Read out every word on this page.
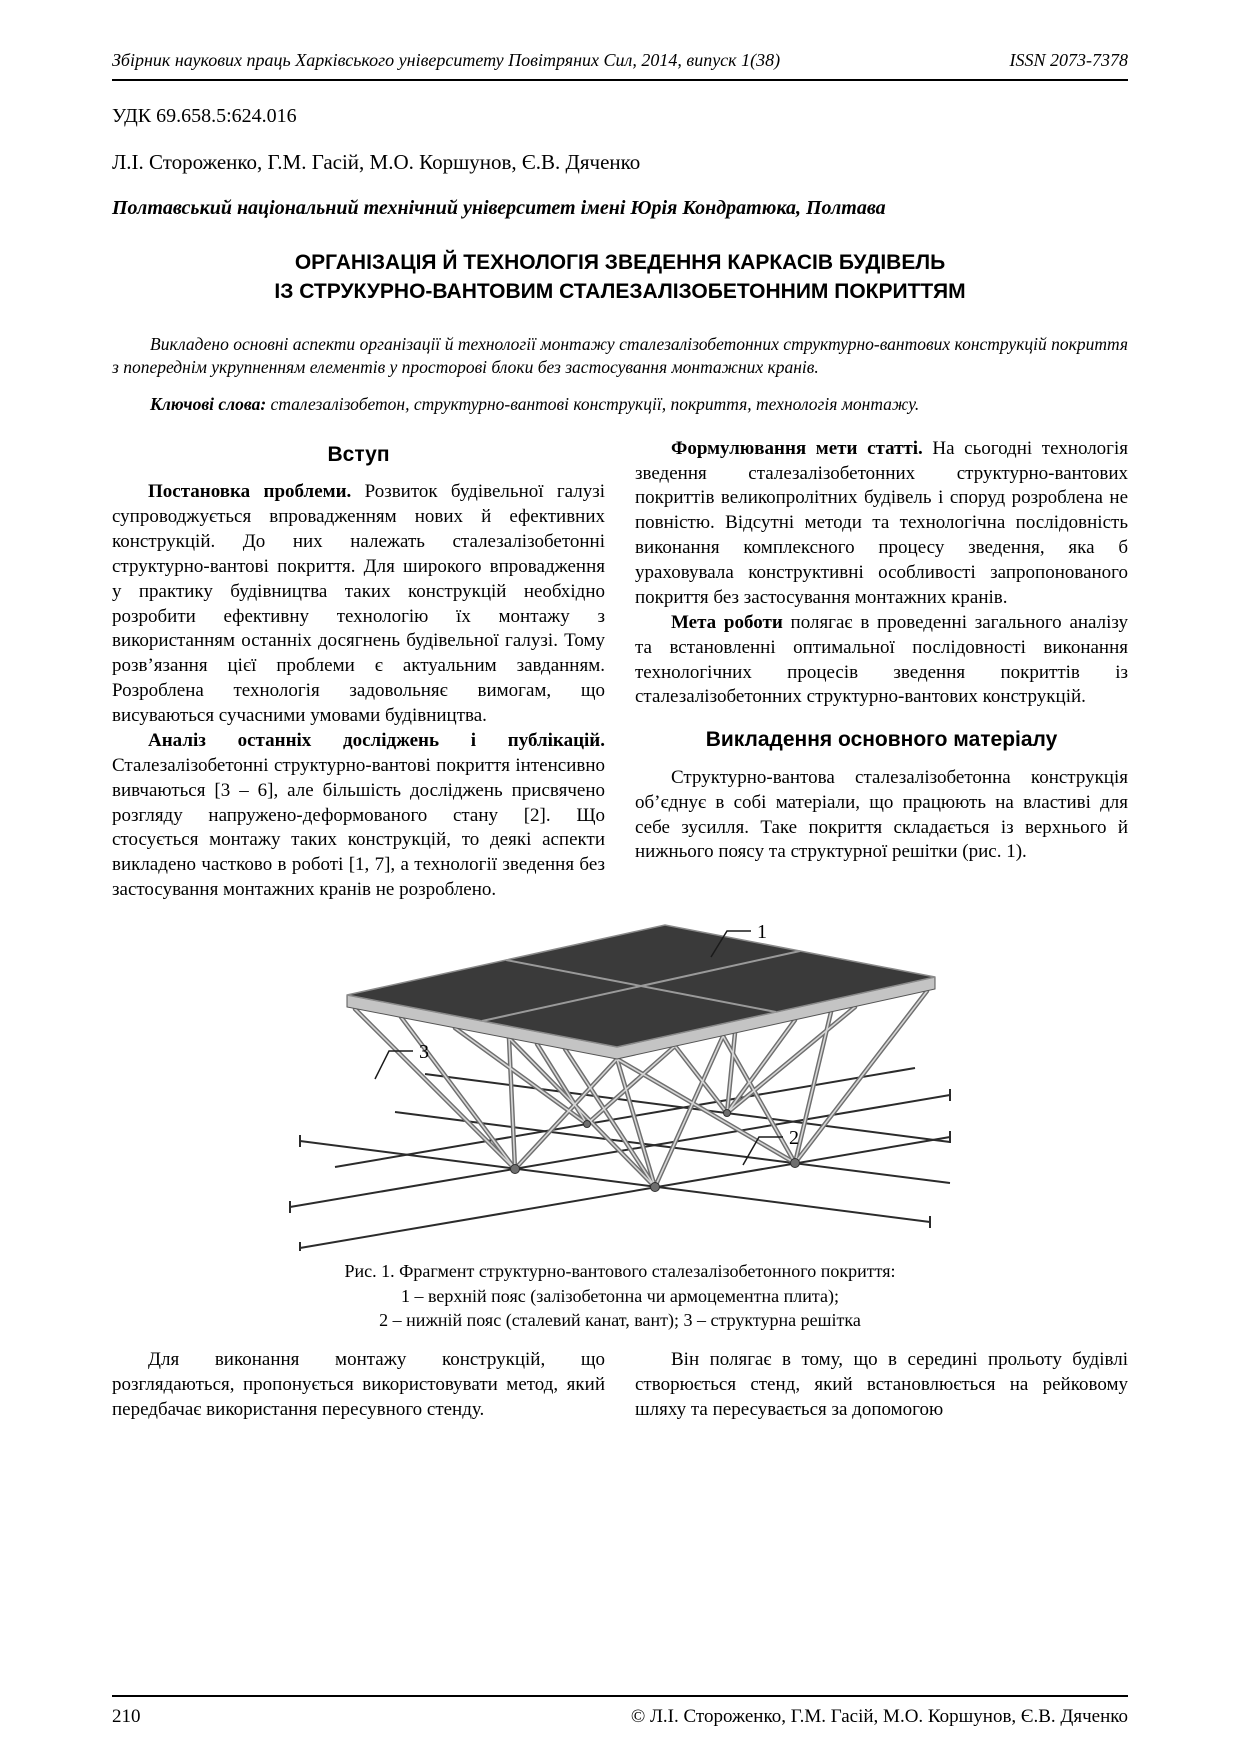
Збірник наукових праць Харківського університету Повітряних Сил, 2014, випуск 1(38)	ISSN 2073-7378
УДК 69.658.5:624.016
Л.І. Стороженко, Г.М. Гасій, М.О. Коршунов, Є.В. Дяченко
Полтавський національний технічний університет імені Юрія Кондратюка, Полтава
ОРГАНІЗАЦІЯ Й ТЕХНОЛОГІЯ ЗВЕДЕННЯ КАРКАСІВ БУДІВЕЛЬ
ІЗ СТРУКУРНО-ВАНТОВИМ СТАЛЕЗАЛІЗОБЕТОННИМ ПОКРИТТЯМ
Викладено основні аспекти організації й технології монтажу сталезалізобетонних структурно-вантових конструкцій покриття з попереднім укрупненням елементів у просторові блоки без застосування монтажних кранів.
Ключові слова: сталезалізобетон, структурно-вантові конструкції, покриття, технологія монтажу.
Вступ

Постановка проблеми. Розвиток будівельної галузі супроводжується впровадженням нових й ефективних конструкцій. До них належать сталезалізобетонні структурно-вантові покриття. Для широкого впровадження у практику будівництва таких конструкцій необхідно розробити ефективну технологію їх монтажу з використанням останніх досягнень будівельної галузі. Тому розв’язання цієї проблеми є актуальним завданням. Розроблена технологія задовольняє вимогам, що висуваються сучасними умовами будівництва.

Аналіз останніх досліджень і публікацій. Сталезалізобетонні структурно-вантові покриття інтенсивно вивчаються [3 – 6], але більшість досліджень присвячено розгляду напружено-деформованого стану [2]. Що стосується монтажу таких конструкцій, то деякі аспекти викладено частково в роботі [1, 7], а технології зведення без застосування монтажних кранів не розроблено.

Формулювання мети статті. На сьогодні технологія зведення сталезалізобетонних структурно-вантових покриттів великопролітних будівель і споруд розроблена не повністю. Відсутні методи та технологічна послідовність виконання комплексного процесу зведення, яка б ураховувала конструктивні особливості запропонованого покриття без застосування монтажних кранів.

Мета роботи полягає в проведенні загального аналізу та встановленні оптимальної послідовності виконання технологічних процесів зведення покриттів із сталезалізобетонних структурно-вантових конструкцій.

Викладення основного матеріалу

Структурно-вантова сталезалізобетонна конструкція об’єднує в собі матеріали, що працюють на властиві для себе зусилля. Таке покриття складається із верхнього й нижнього поясу та структурної решітки (рис. 1).

1
2
3
Рис. 1. Фрагмент структурно-вантового сталезалізобетонного покриття:
1 – верхній пояс (залізобетонна чи армоцементна плита);
2 – нижній пояс (сталевий канат, вант); 3 – структурна решітка

Для виконання монтажу конструкцій, що розглядаються, пропонується використовувати метод, який передбачає використання пересувного стенду.

Він полягає в тому, що в середині прольоту будівлі створюється стенд, який встановлюється на рейковому шляху та пересувається за допомогою

210	© Л.І. Стороженко, Г.М. Гасій, М.О. Коршунов, Є.В. Дяченко
